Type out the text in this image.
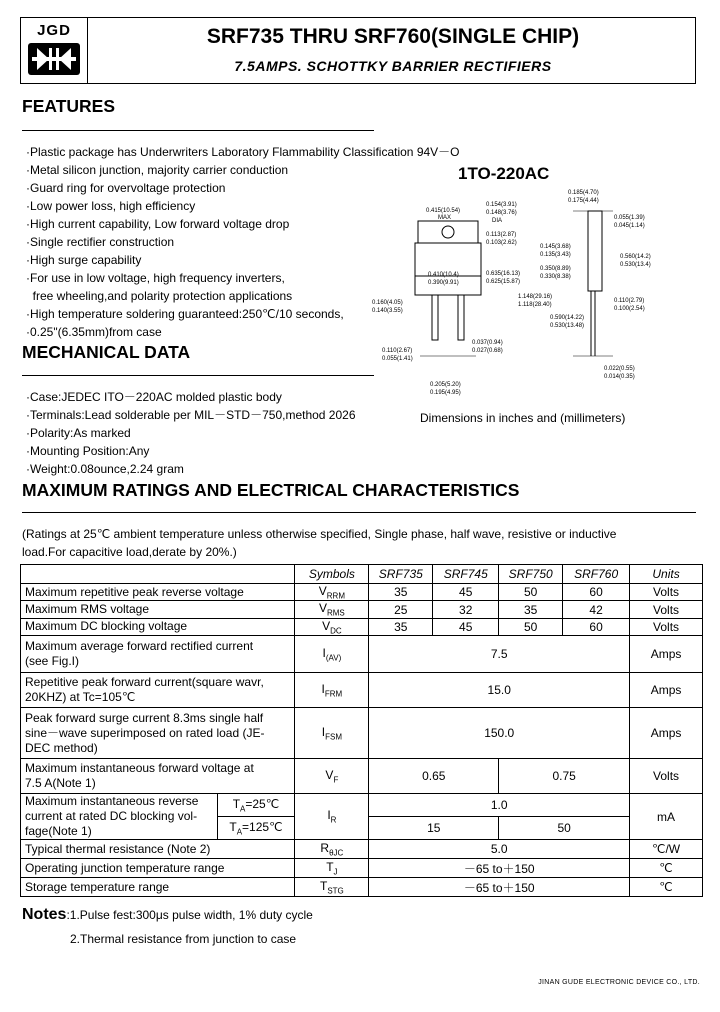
JGD	SRF735 THRU SRF760(SINGLE CHIP)
7.5AMPS. SCHOTTKY BARRIER RECTIFIERS
FEATURES
·Plastic package has Underwriters Laboratory Flammability Classification 94V－O
·Metal silicon junction, majority carrier conduction
·Guard ring for overvoltage protection
·Low power loss, high efficiency
·High current capability, Low forward voltage drop
·Single rectifier construction
·High surge capability
·For use in low voltage, high frequency inverters,
free wheeling,and polarity protection applications
·High temperature soldering guaranteed:250℃/10 seconds,
·0.25"(6.35mm)from case
1TO-220AC
0.415(10.54)
MAX
0.154(3.91)
0.148(3.76)
DIA
0.113(2.87)
0.103(2.62)
0.185(4.70)
0.175(4.44)
0.055(1.39)
0.045(1.14)
0.145(3.68)
0.135(3.43)
0.410(10.4)
0.390(9.91)
0.635(16.13)
0.625(15.87)
0.350(8.89)
0.330(8.38)
0.560(14.2)
0.530(13.4)
0.160(4.05)
0.140(3.55)
1.148(29.16)
1.118(28.40)
0.590(14.22)
0.530(13.48)
0.110(2.79)
0.100(2.54)
0.037(0.94)
0.027(0.68)
0.110(2.67)
0.055(1.41)
0.205(5.20)
0.195(4.95)
0.022(0.55)
0.014(0.35)
Dimensions in inches and (millimeters)
MECHANICAL DATA
·Case:JEDEC ITO－220AC molded plastic body
·Terminals:Lead solderable per MIL－STD－750,method 2026
·Polarity:As marked
·Mounting Position:Any
·Weight:0.08ounce,2.24 gram
MAXIMUM RATINGS AND ELECTRICAL CHARACTERISTICS
(Ratings at 25℃ ambient temperature unless otherwise specified, Single phase, half wave, resistive or inductive
load.For capacitive load,derate by 20%.)
		Symbols	SRF735	SRF745	SRF750	SRF760	Units
Maximum repetitive peak reverse voltage		$V_{RRM}$	35	45	50	60	Volts
Maximum RMS voltage		$V_{RMS}$	25	32	35	42	Volts
Maximum DC blocking voltage		$V_{DC}$	35	45	50	60	Volts

Maximum average forward rectified current
(see Fig.I)		$I_{(AV)}$	7.5				Amps

Repetitive peak forward current(square wavr,
20KHZ) at Tc=105℃		$I_{FRM}$	15.0				Amps

Peak forward surge current 8.3ms single half
sine－wave superimposed on rated load (JE-
DEC method)		$I_{FSM}$	150.0				Amps

Maximum instantaneous forward voltage at
7.5 A(Note 1)		$V_F$	0.65		0.75		Volts

Maximum instantaneous reverse
current at rated DC blocking vol-
fage(Note 1)	$T_A=25℃$	$I_R$	1.0				mA
	$T_A=125℃$		15		50		
Typical thermal resistance (Note 2)		$R_{\theta JC}$	5.0				℃/W
Operating junction temperature range		$T_J$	－65 to＋150				℃
Storage temperature range		$T_{STG}$	－65 to＋150				℃
Notes:1.Pulse fest:300μs pulse width, 1% duty cycle
2.Thermal resistance from junction to case
JINAN GUDE ELECTRONIC DEVICE CO., LTD.
